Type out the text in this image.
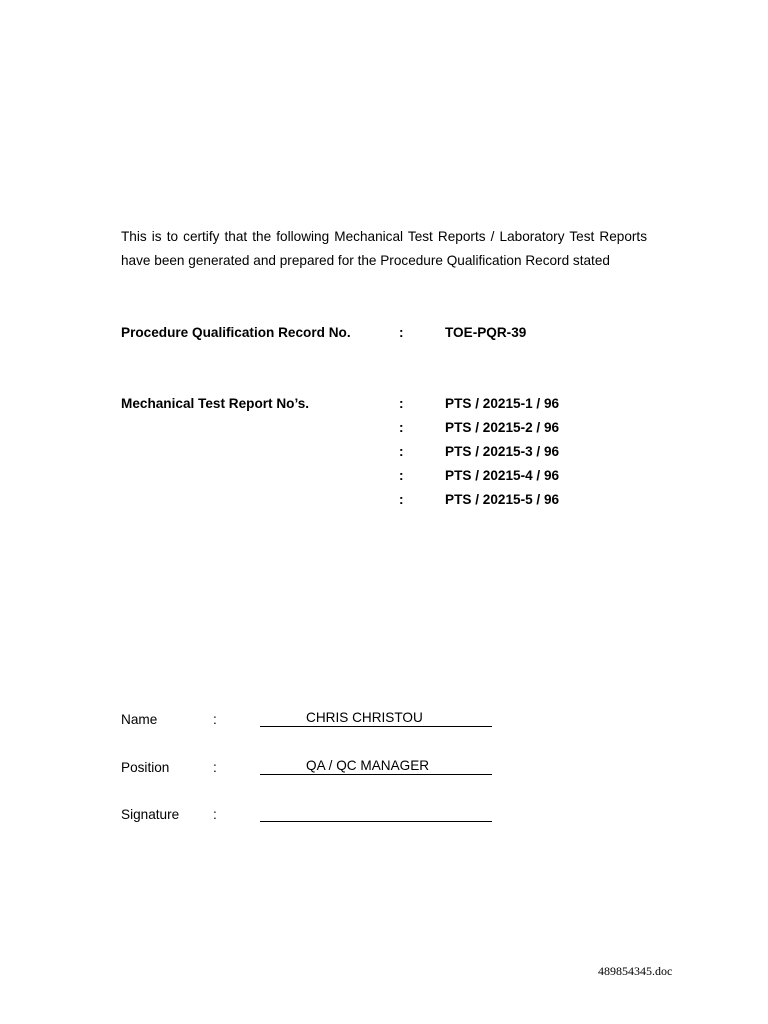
This is to certify that the following Mechanical Test Reports / Laboratory Test Reports have been generated and prepared for the Procedure Qualification Record stated

Procedure Qualification Record No.	:	TOE-PQR-39
Mechanical Test Report No’s.	:	PTS / 20215-1 / 96
:	PTS / 20215-2 / 96
:	PTS / 20215-3 / 96
:	PTS / 20215-4 / 96
:	PTS / 20215-5 / 96
Name	:	CHRIS CHRISTOU
Position	:	QA / QC MANAGER
Signature :
489854345.doc
